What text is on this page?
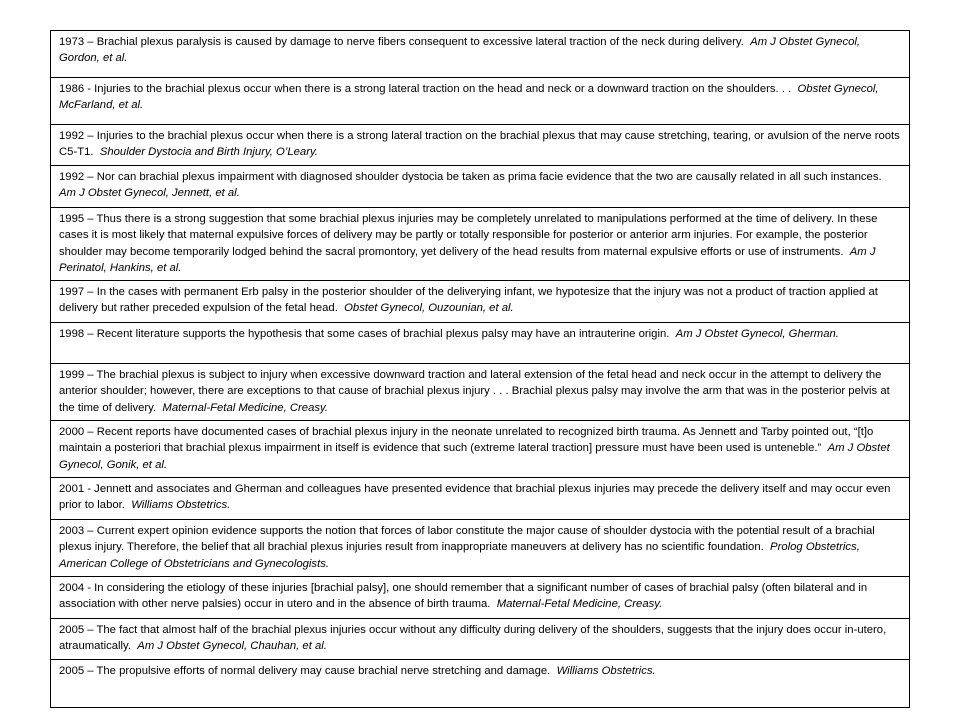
1973 – Brachial plexus paralysis is caused by damage to nerve fibers consequent to excessive lateral traction of the neck during delivery. Am J Obstet Gynecol, Gordon, et al.
1986 - Injuries to the brachial plexus occur when there is a strong lateral traction on the head and neck or a downward traction on the shoulders. . . Obstet Gynecol, McFarland, et al.
1992 – Injuries to the brachial plexus occur when there is a strong lateral traction on the brachial plexus that may cause stretching, tearing, or avulsion of the nerve roots C5-T1. Shoulder Dystocia and Birth Injury, O’Leary.
1992 – Nor can brachial plexus impairment with diagnosed shoulder dystocia be taken as prima facie evidence that the two are causally related in all such instances.  Am J Obstet Gynecol, Jennett, et al.
1995 – Thus there is a strong suggestion that some brachial plexus injuries may be completely unrelated to manipulations performed at the time of delivery. In these cases it is most likely that maternal expulsive forces of delivery may be partly or totally responsible for posterior or anterior arm injuries. For example, the posterior shoulder may become temporarily lodged behind the sacral promontory, yet delivery of the head results from maternal expulsive efforts or use of instruments. Am J Perinatol, Hankins, et al.
1997 – In the cases with permanent Erb palsy in the posterior shoulder of the deliverying infant, we hypotesize that the injury was not a product of traction applied at delivery but rather preceded expulsion of the fetal head. Obstet Gynecol, Ouzounian, et al.
1998 – Recent literature supports the hypothesis that some cases of brachial plexus palsy may have an intrauterine origin. Am J Obstet Gynecol, Gherman.
1999 – The brachial plexus is subject to injury when excessive downward traction and lateral extension of the fetal head and neck occur in the attempt to delivery the anterior shoulder; however, there are exceptions to that cause of brachial plexus injury . . . Brachial plexus palsy may involve the arm that was in the posterior pelvis at the time of delivery. Maternal-Fetal Medicine, Creasy.
2000 – Recent reports have documented cases of brachial plexus injury in the neonate unrelated to recognized birth trauma. As Jennett and Tarby pointed out, “[t]o maintain a posteriori that brachial plexus impairment in itself is evidence that such (extreme lateral traction] pressure must have been used is unteneble.” Am J Obstet Gynecol, Gonik, et al.
2001 - Jennett and associates and Gherman and colleagues have presented evidence that brachial plexus injuries may precede the delivery itself and may occur even prior to labor. Williams Obstetrics.
2003 – Current expert opinion evidence supports the notion that forces of labor constitute the major cause of shoulder dystocia with the potential result of a brachial plexus injury. Therefore, the belief that all brachial plexus injuries result from inappropriate maneuvers at delivery has no scientific foundation. Prolog Obstetrics, American College of Obstetricians and Gynecologists.
2004 - In considering the etiology of these injuries [brachial palsy], one should remember that a significant number of cases of brachial palsy (often bilateral and in association with other nerve palsies) occur in utero and in the absence of birth trauma. Maternal-Fetal Medicine, Creasy.
2005 – The fact that almost half of the brachial plexus injuries occur without any difficulty during delivery of the shoulders, suggests that the injury does occur in-utero, atraumatically. Am J Obstet Gynecol, Chauhan, et al.
2005 – The propulsive efforts of normal delivery may cause brachial nerve stretching and damage. Williams Obstetrics.
